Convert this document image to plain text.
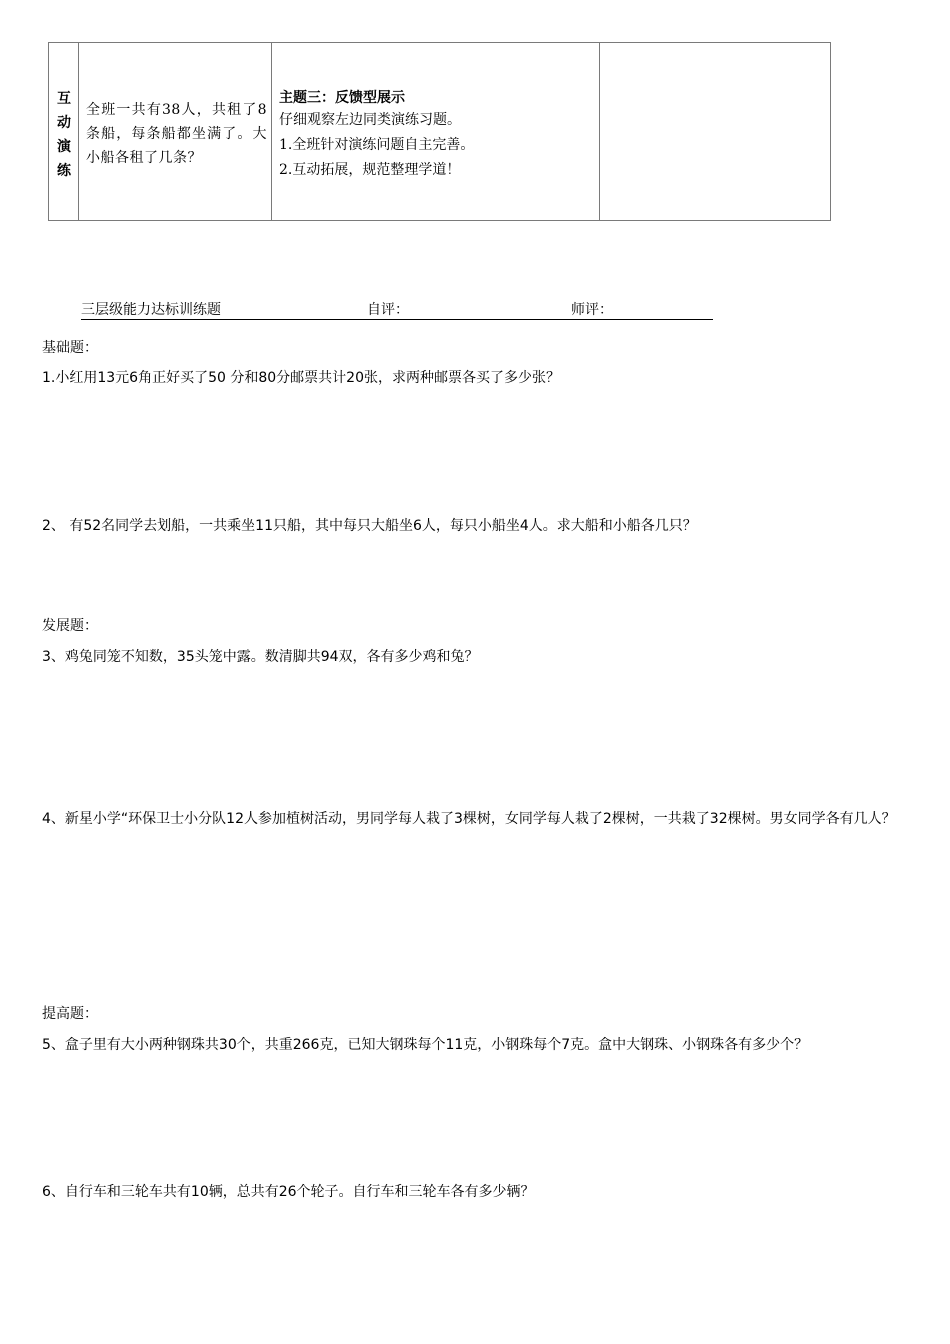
互
动
演
练
全班一共有38人，共租了8条船，每条船都坐满了。大小船各租了几条？
主题三：反馈型展示
仔细观察左边同类演练习题。
1.全班针对演练问题自主完善。
2.互动拓展，规范整理学道！
三层级能力达标训练题	自评：	师评：
基础题：
1.小红用13元6角正好买了50 分和80分邮票共计20张，求两种邮票各买了多少张？
2、 有52名同学去划船，一共乘坐11只船，其中每只大船坐6人，每只小船坐4人。求大船和小船各几只？
发展题：
3、鸡兔同笼不知数，35头笼中露。数清脚共94双，各有多少鸡和兔？
4、新星小学“环保卫士小分队12人参加植树活动，男同学每人栽了3棵树，女同学每人栽了2棵树，一共栽了32棵树。男女同学各有几人？
提高题：
5、盒子里有大小两种钢珠共30个，共重266克，已知大钢珠每个11克，小钢珠每个7克。盒中大钢珠、小钢珠各有多少个？
6、自行车和三轮车共有10辆，总共有26个轮子。自行车和三轮车各有多少辆？
